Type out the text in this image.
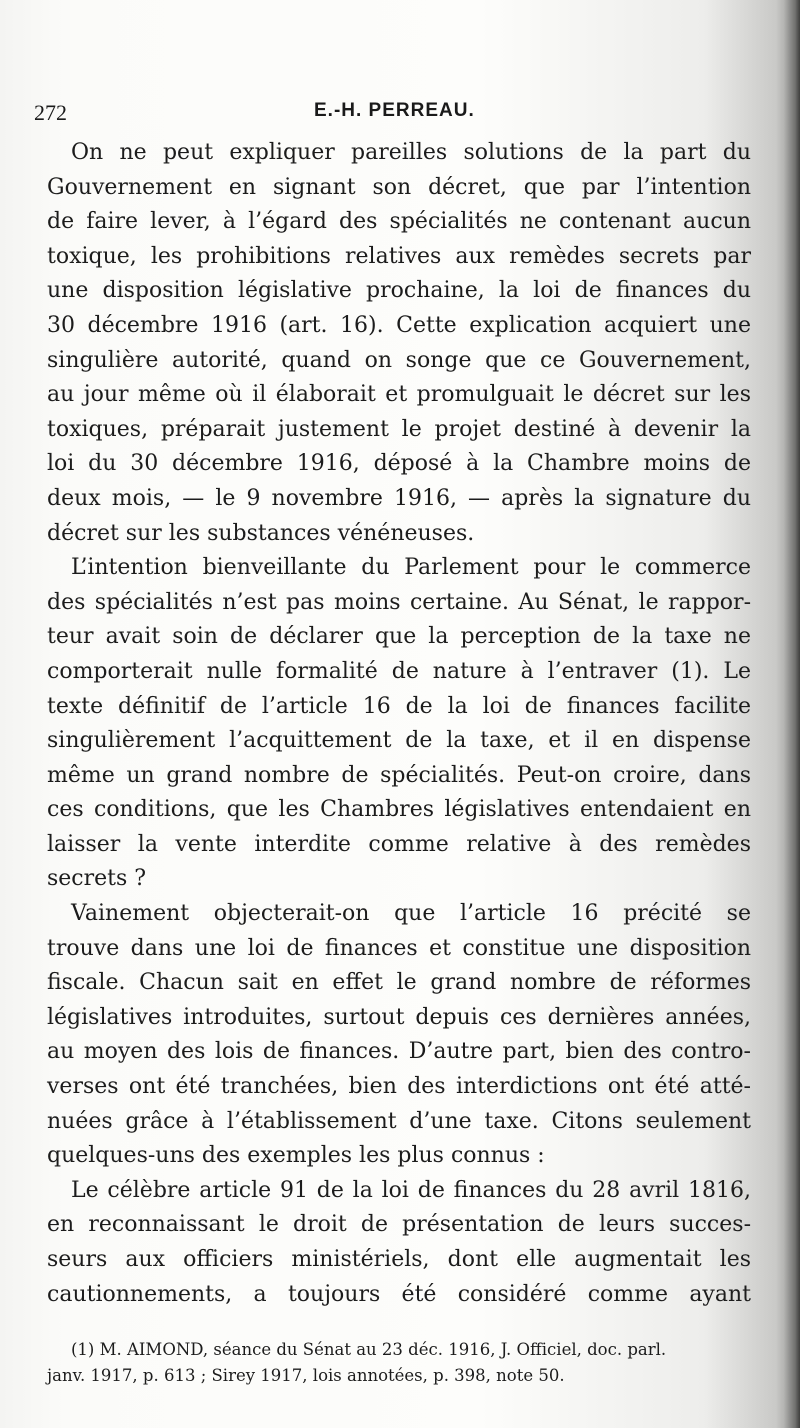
272	E.-H. PERREAU.
On ne peut expliquer pareilles solutions de la part du
Gouvernement en signant son décret, que par l’intention
de faire lever, à l’égard des spécialités ne contenant aucun
toxique, les prohibitions relatives aux remèdes secrets par
une disposition législative prochaine, la loi de finances du
30 décembre 1916 (art. 16). Cette explication acquiert une
singulière autorité, quand on songe que ce Gouvernement,
au jour même où il élaborait et promulguait le décret sur les
toxiques, préparait justement le projet destiné à devenir la
loi du 30 décembre 1916, déposé à la Chambre moins de
deux mois, — le 9 novembre 1916, — après la signature du
décret sur les substances vénéneuses.
L’intention bienveillante du Parlement pour le commerce
des spécialités n’est pas moins certaine. Au Sénat, le rappor-
teur avait soin de déclarer que la perception de la taxe ne
comporterait nulle formalité de nature à l’entraver (1). Le
texte définitif de l’article 16 de la loi de finances facilite
singulièrement l’acquittement de la taxe, et il en dispense
même un grand nombre de spécialités. Peut-on croire, dans
ces conditions, que les Chambres législatives entendaient en
laisser la vente interdite comme relative à des remèdes
secrets ?
Vainement objecterait-on que l’article 16 précité se
trouve dans une loi de finances et constitue une disposition
fiscale. Chacun sait en effet le grand nombre de réformes
législatives introduites, surtout depuis ces dernières années,
au moyen des lois de finances. D’autre part, bien des contro-
verses ont été tranchées, bien des interdictions ont été atté-
nuées grâce à l’établissement d’une taxe. Citons seulement
quelques-uns des exemples les plus connus :
Le célèbre article 91 de la loi de finances du 28 avril 1816,
en reconnaissant le droit de présentation de leurs succes-
seurs aux officiers ministériels, dont elle augmentait les
cautionnements, a toujours été considéré comme ayant
(1) M. AIMOND, séance du Sénat au 23 déc. 1916, J. Officiel, doc. parl.
janv. 1917, p. 613 ; Sirey 1917, lois annotées, p. 398, note 50.
